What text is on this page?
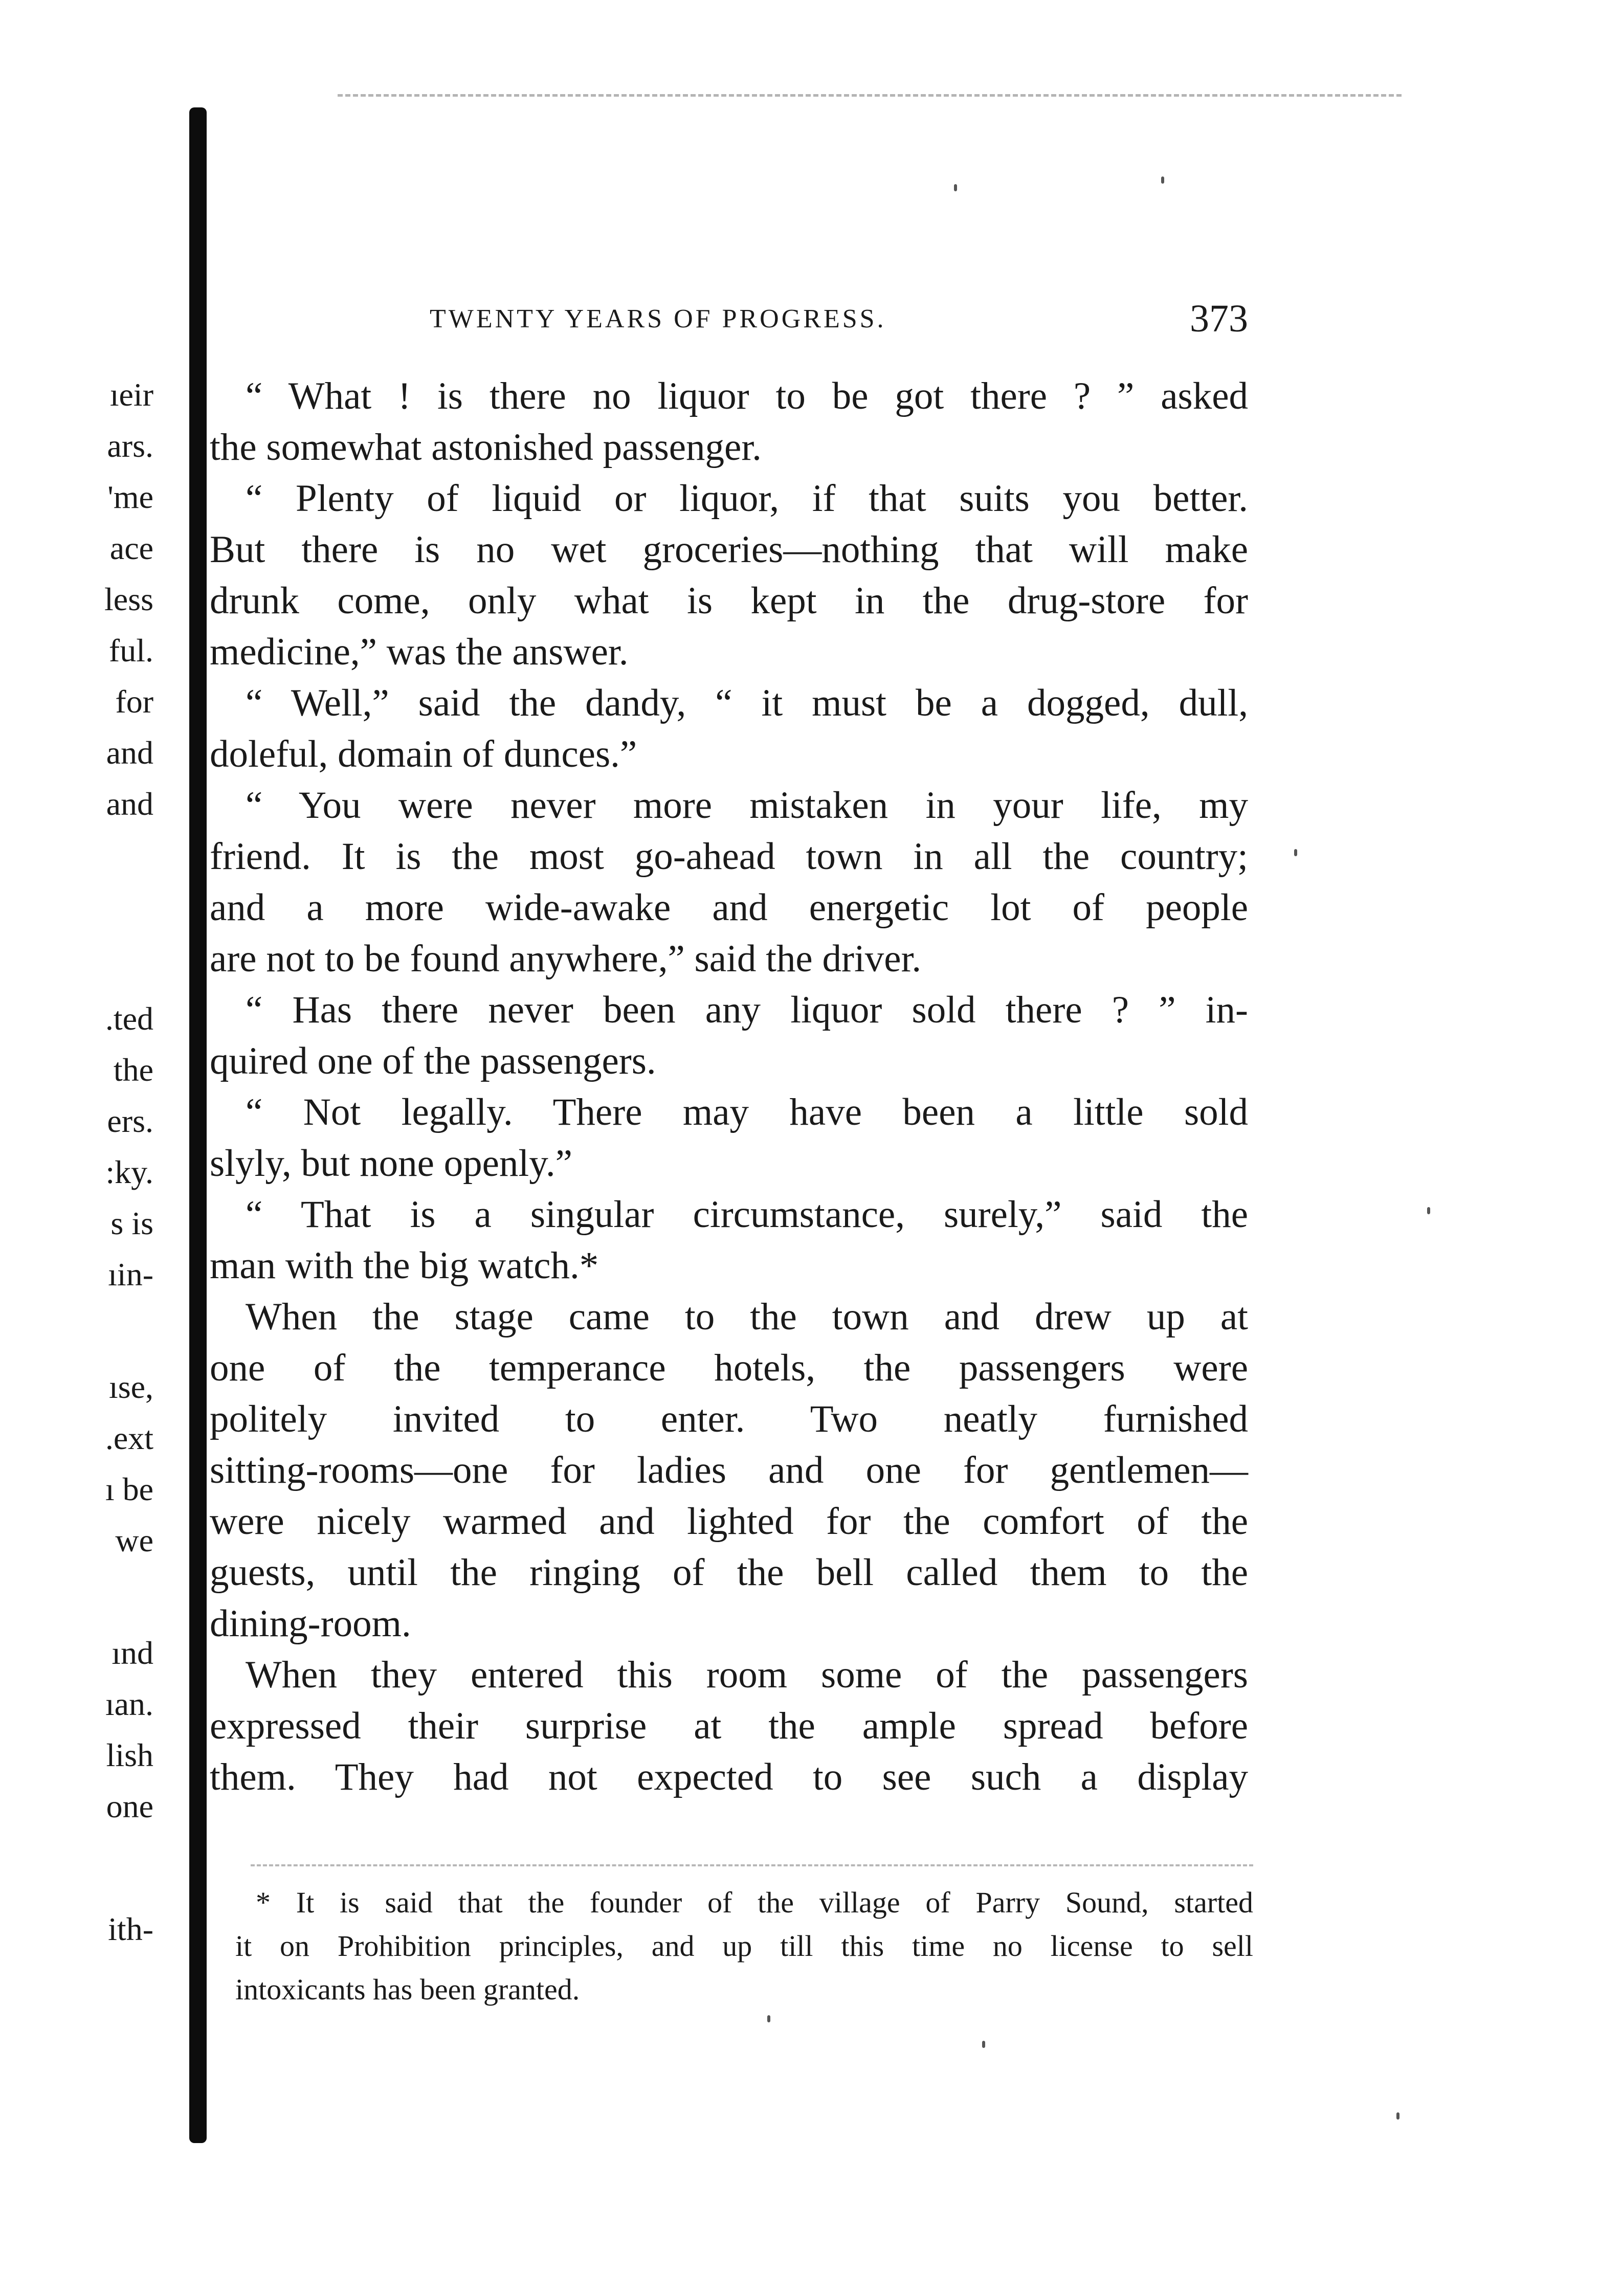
ıeir
ars.
'me
ace
less
ful.
for
and
and
.ted
the
ers.
:ky.
s is
ıin-
ıse,
.ext
ı be
we
ınd
ıan.
lish
one
ith-
TWENTY YEARS OF PROGRESS.	373
“ What ! is there no liquor to be got there ? ” asked
the somewhat astonished passenger.
“ Plenty of liquid or liquor, if that suits you better.
But there is no wet groceries—nothing that will make
drunk come, only what is kept in the drug-store for
medicine,” was the answer.
“ Well,” said the dandy, “ it must be a dogged, dull,
doleful, domain of dunces.”
“ You were never more mistaken in your life, my
friend. It is the most go-ahead town in all the country;
and a more wide-awake and energetic lot of people
are not to be found anywhere,” said the driver.
“ Has there never been any liquor sold there ? ” in-
quired one of the passengers.
“ Not legally. There may have been a little sold
slyly, but none openly.”
“ That is a singular circumstance, surely,” said the
man with the big watch.*
When the stage came to the town and drew up at
one of the temperance hotels, the passengers were
politely invited to enter. Two neatly furnished
sitting-rooms—one for ladies and one for gentlemen—
were nicely warmed and lighted for the comfort of the
guests, until the ringing of the bell called them to the
dining-room.
When they entered this room some of the passengers
expressed their surprise at the ample spread before
them. They had not expected to see such a display
* It is said that the founder of the village of Parry Sound, started
it on Prohibition principles, and up till this time no license to sell
intoxicants has been granted.
